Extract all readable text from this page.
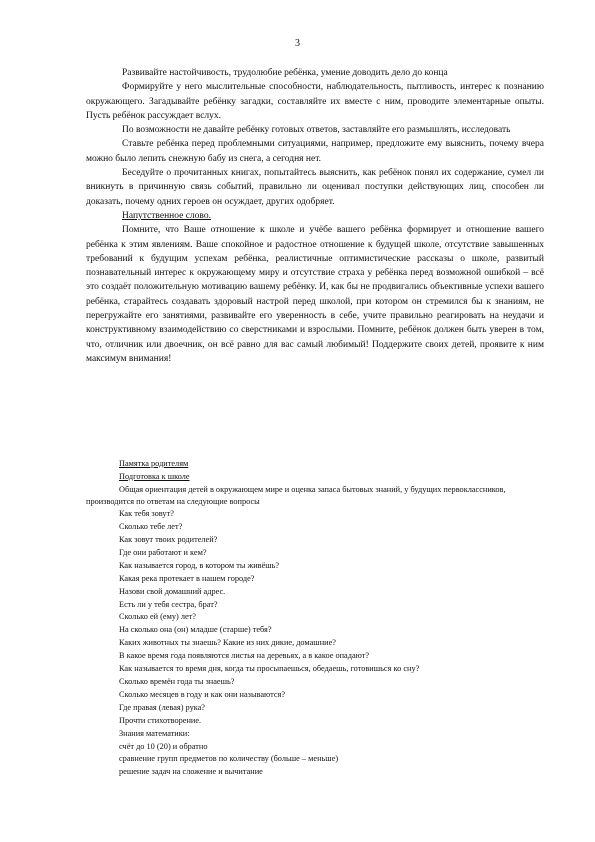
3

Развивайте настойчивость, трудолюбие ребёнка, умение доводить дело до конца

Формируйте у него мыслительные способности, наблюдательность, пытливость, интерес к познанию окружающего. Загадывайте ребёнку загадки, составляйте их вместе с ним, проводите элементарные опыты. Пусть ребёнок рассуждает вслух.

По возможности не давайте ребёнку готовых ответов, заставляйте его размышлять, исследовать

Ставьте ребёнка перед проблемными ситуациями, например, предложите ему выяснить, почему вчера можно было лепить снежную бабу из снега, а сегодня нет.

Беседуйте о прочитанных книгах, попытайтесь выяснить, как ребёнок понял их содержание, сумел ли вникнуть в причинную связь событий, правильно ли оценивал поступки действующих лиц, способен ли доказать, почему одних героев он осуждает, других одобряет.

Напутственное слово.

Помните, что Ваше отношение к школе и учёбе вашего ребёнка формирует и отношение вашего ребёнка к этим явлениям. Ваше спокойное и радостное отношение к будущей школе, отсутствие завышенных требований к будущим успехам ребёнка, реалистичные оптимистические рассказы о школе, развитый познавательный интерес к окружающему миру и отсутствие страха у ребёнка перед возможной ошибкой – всё это создаёт положительную мотивацию вашему ребёнку. И, как бы не продвигались объективные успехи вашего ребёнка, старайтесь создавать здоровый настрой перед школой, при котором он стремился бы к знаниям, не перегружайте его занятиями, развивайте его уверенность в себе, учите правильно реагировать на неудачи и конструктивному взаимодействию со сверстниками и взрослыми. Помните, ребёнок должен быть уверен в том, что, отличник или двоечник, он всё равно для вас самый любимый! Поддержите своих детей, проявите к ним максимум внимания!

Памятка родителям

Подготовка к школе

Общая ориентация детей в окружающем мире и оценка запаса бытовых знаний, у будущих первоклассников, производится по ответам на следующие вопросы

Как тебя зовут?

Сколько тебе лет?

Как зовут твоих родителей?

Где они работают и кем?

Как называется город, в котором ты живёшь?

Какая река протекает в нашем городе?

Назови свой домашний адрес.

Есть ли у тебя сестра, брат?

Сколько ей (ему) лет?

На сколько она (он) младше (старше) тебя?

Каких животных ты знаешь? Какие из них дикие, домашние?

В какое время года появляются листья на деревьях, а в какое опадают?

Как называется то время дня, когда ты просыпаешься, обедаешь, готовишься ко сну?

Сколько времён года ты знаешь?

Сколько месяцев в году и как они называются?

Где правая (левая) рука?

Прочти стихотворение.

Знания математики:

счёт до 10 (20) и обратно

сравнение групп предметов по количеству (больше – меньше)

решение задач на сложение и вычитание
